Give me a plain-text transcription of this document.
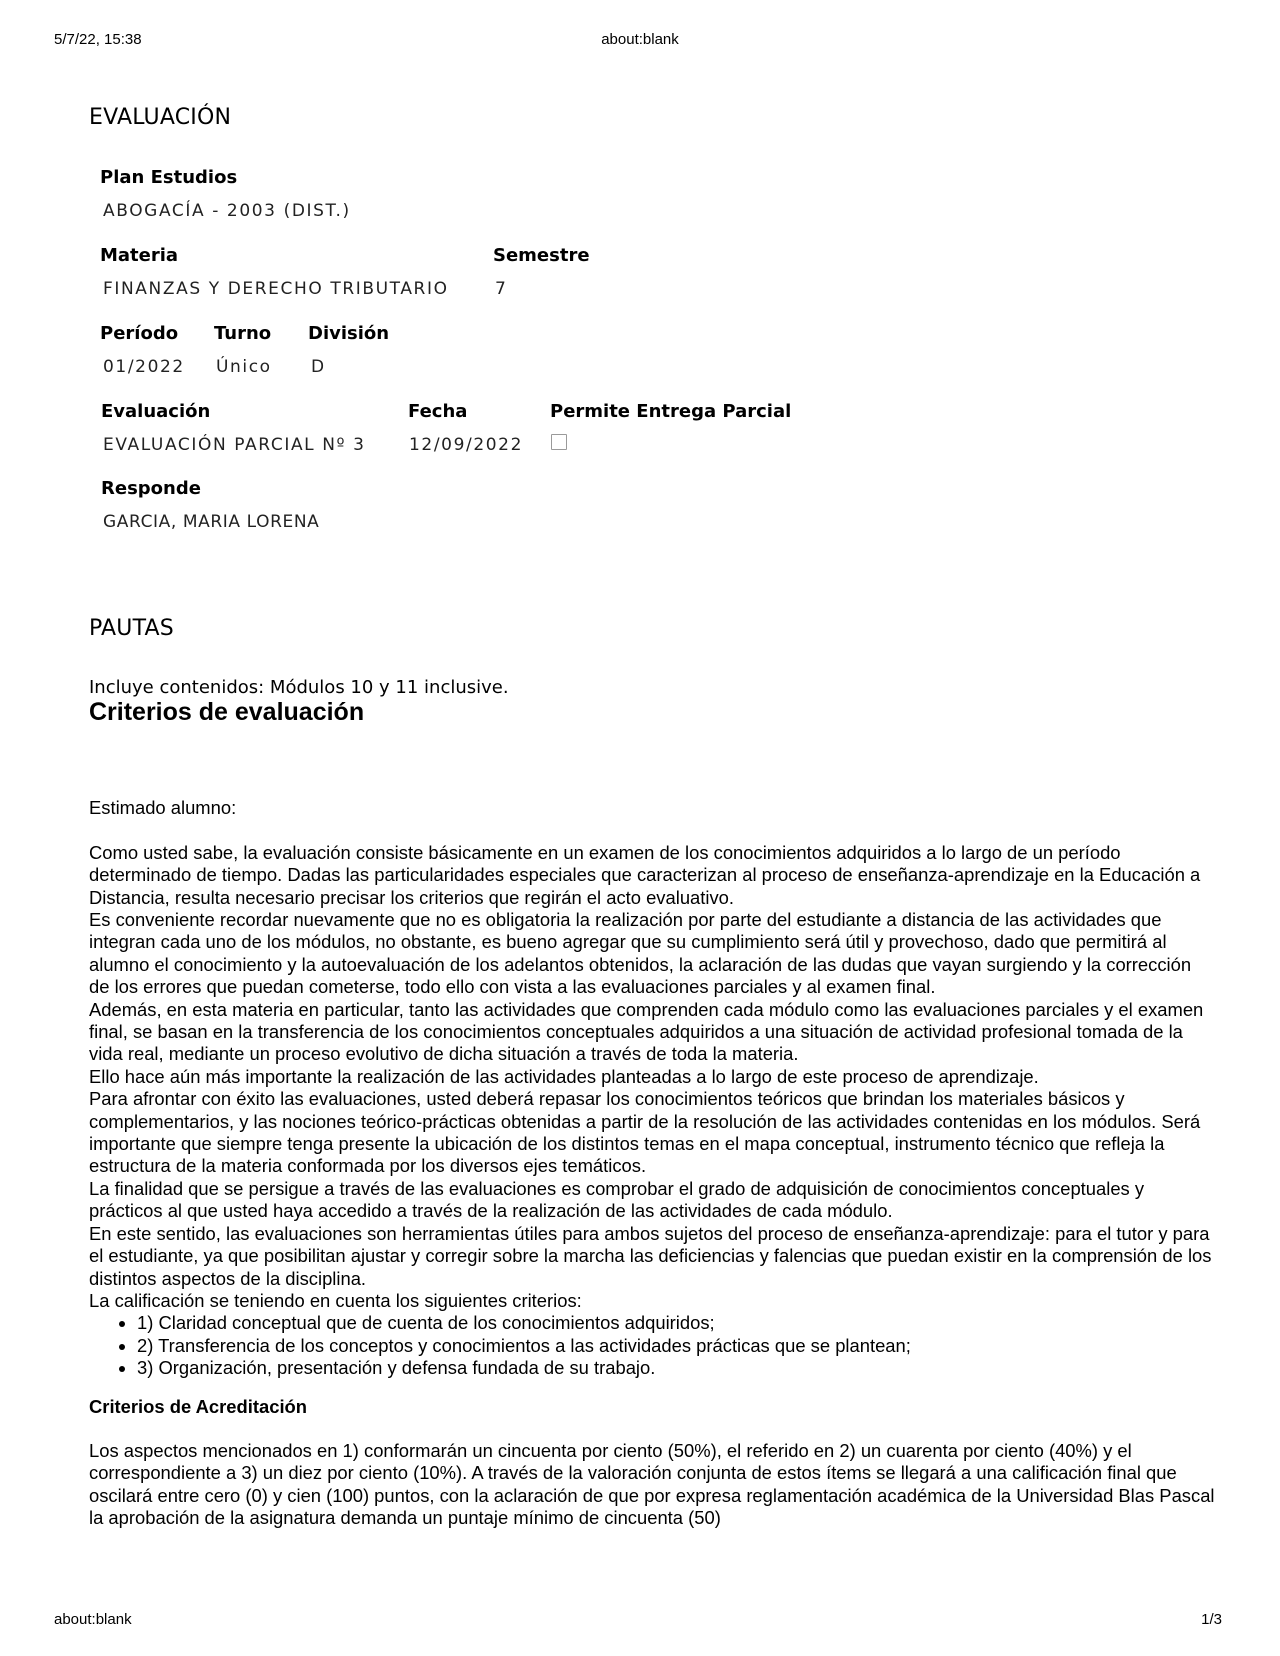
5/7/22, 15:38	about:blank
EVALUACIÓN
Plan Estudios
ABOGACÍA - 2003 (DIST.)
Materia
FINANZAS Y DERECHO TRIBUTARIO
Semestre
7
Período
01/2022
Turno
Único
División
D
Evaluación
EVALUACIÓN PARCIAL Nº 3
Fecha
12/09/2022
Permite Entrega Parcial
Responde
GARCIA, MARIA LORENA
PAUTAS
Incluye contenidos: Módulos 10 y 11 inclusive.
Criterios de evaluación

Estimado alumno:

Como usted sabe, la evaluación consiste básicamente en un examen de los conocimientos adquiridos a lo largo de un período determinado de tiempo. Dadas las particularidades especiales que caracterizan al proceso de enseñanza-aprendizaje en la Educación a Distancia, resulta necesario precisar los criterios que regirán el acto evaluativo.

Es conveniente recordar nuevamente que no es obligatoria la realización por parte del estudiante a distancia de las actividades que integran cada uno de los módulos, no obstante, es bueno agregar que su cumplimiento será útil y provechoso, dado que permitirá al alumno el conocimiento y la autoevaluación de los adelantos obtenidos, la aclaración de las dudas que vayan surgiendo y la corrección de los errores que puedan cometerse, todo ello con vista a las evaluaciones parciales y al examen final.

Además, en esta materia en particular, tanto las actividades que comprenden cada módulo como las evaluaciones parciales y el examen final, se basan en la transferencia de los conocimientos conceptuales adquiridos a una situación de actividad profesional tomada de la vida real, mediante un proceso evolutivo de dicha situación a través de toda la materia.

Ello hace aún más importante la realización de las actividades planteadas a lo largo de este proceso de aprendizaje.

Para afrontar con éxito las evaluaciones, usted deberá repasar los conocimientos teóricos que brindan los materiales básicos y complementarios, y las nociones teórico-prácticas obtenidas a partir de la resolución de las actividades contenidas en los módulos. Será importante que siempre tenga presente la ubicación de los distintos temas en el mapa conceptual, instrumento técnico que refleja la estructura de la materia conformada por los diversos ejes temáticos.

La finalidad que se persigue a través de las evaluaciones es comprobar el grado de adquisición de conocimientos conceptuales y prácticos al que usted haya accedido a través de la realización de las actividades de cada módulo.

En este sentido, las evaluaciones son herramientas útiles para ambos sujetos del proceso de enseñanza-aprendizaje: para el tutor y para el estudiante, ya que posibilitan ajustar y corregir sobre la marcha las deficiencias y falencias que puedan existir en la comprensión de los distintos aspectos de la disciplina.

La calificación se teniendo en cuenta los siguientes criterios:

• 1) Claridad conceptual que de cuenta de los conocimientos adquiridos;
• 2) Transferencia de los conceptos y conocimientos a las actividades prácticas que se plantean;
• 3) Organización, presentación y defensa fundada de su trabajo.
Criterios de Acreditación

Los aspectos mencionados en 1) conformarán un cincuenta por ciento (50%), el referido en 2) un cuarenta por ciento (40%) y el correspondiente a 3) un diez por ciento (10%). A través de la valoración conjunta de estos ítems se llegará a una calificación final que oscilará entre cero (0) y cien (100) puntos, con la aclaración de que por expresa reglamentación académica de la Universidad Blas Pascal la aprobación de la asignatura demanda un puntaje mínimo de cincuenta (50)

about:blank	1/3
